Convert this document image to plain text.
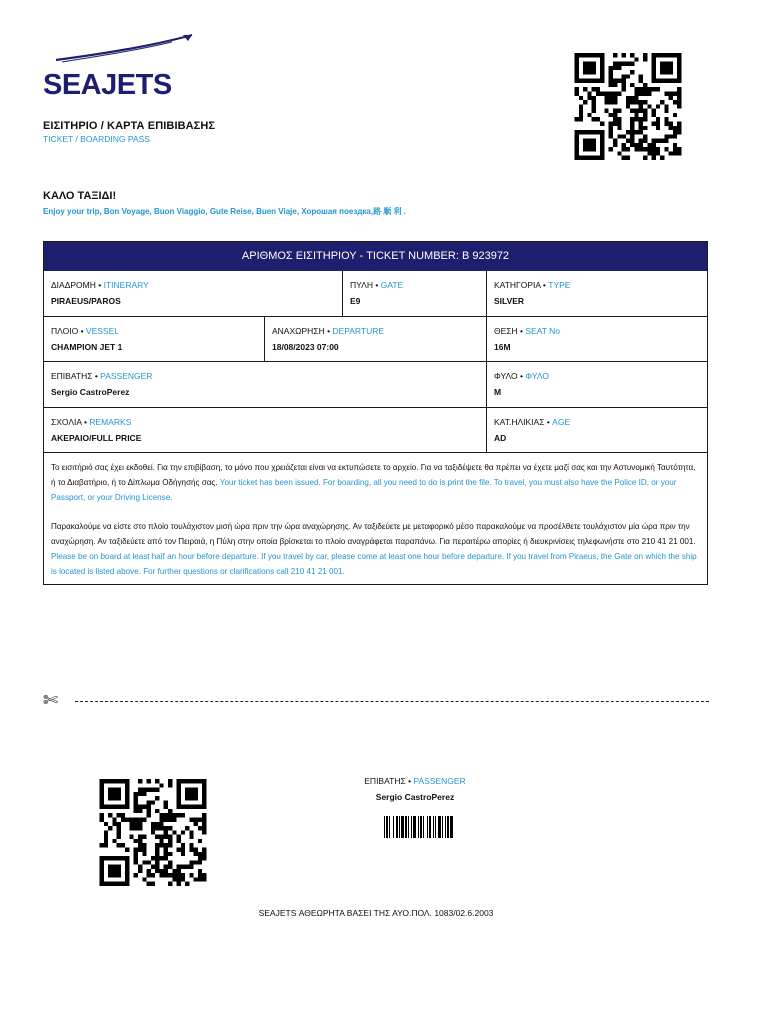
SEAJETS
ΕΙΣΙΤΗΡΙΟ / ΚΑΡΤΑ ΕΠΙΒΙΒΑΣΗΣ
TICKET / BOARDING PASS
ΚΑΛΟ ΤΑΞΙΔΙ!
Enjoy your trip, Bon Voyage, Buon Viaggio, Gute Reise, Buen Viaje, Хорошая поездка,路 顺 利 .
ΑΡΙΘΜΟΣ ΕΙΣΙΤΗΡΙΟΥ - TICKET NUMBER: B 923972
ΔΙΑΔΡΟΜΗ • ITINERARY
PIRAEUS/PAROS
ΠΥΛΗ • GATE
E9
ΚΑΤΗΓΟΡΙΑ • TYPE
SILVER
ΠΛΟΙΟ • VESSEL
CHAMPION JET 1
ΑΝΑΧΩΡΗΣΗ • DEPARTURE
18/08/2023 07:00
ΘΕΣΗ • SEAT No
16M
ΕΠΙΒΑΤΗΣ • PASSENGER
Sergio CastroPerez
ΦΥΛΟ • ΦΥΛΟ
M
ΣΧΟΛΙΑ • REMARKS
ΑΚΕΡΑΙΟ/FULL PRICE
ΚΑΤ.ΗΛΙΚΙΑΣ • AGE
AD

Το εισιτήριό σας έχει εκδοθεί. Για την επιβίβαση, το μόνο που χρειάζεται είναι να εκτυπώσετε το αρχείο. Για να ταξιδέψετε θα πρέπει να έχετε μαζί σας και την Αστυνομική Ταυτότητα, ή το Διαβατήριο, ή το Δίπλωμα Οδήγησής σας. Your ticket has been issued. For boarding, all you need to do is print the file. To travel, you must also have the Police ID, or your Passport, or your Driving License.

Παρακαλούμε να είστε στο πλοίο τουλάχιστον μισή ώρα πριν την ώρα αναχώρησης. Αν ταξιδεύετε με μεταφορικό μέσο παρακαλούμε να προσέλθετε τουλάχιστον μία ώρα πριν την αναχώρηση. Αν ταξιδεύετε από τον Πειραιά, η Πύλη στην οποία βρίσκεται το πλοίο αναγράφεται παραπάνω. Για περαιτέρω απορίες ή διευκρινίσεις τηλεφωνήστε στο 210 41 21 001. Please be on board at least half an hour before departure. If you travel by car, please come at least one hour before departure. If you travel from Piraeus, the Gate on which the ship is located is listed above. For further questions or clarifications call 210 41 21 001.

✄
ΕΠΙΒΑΤΗΣ • PASSENGER
Sergio CastroPerez
SEAJETS ΑΘΕΩΡΗΤΑ ΒΑΣΕΙ ΤΗΣ ΑΥΟ.ΠΟΛ. 1083/02.6.2003
